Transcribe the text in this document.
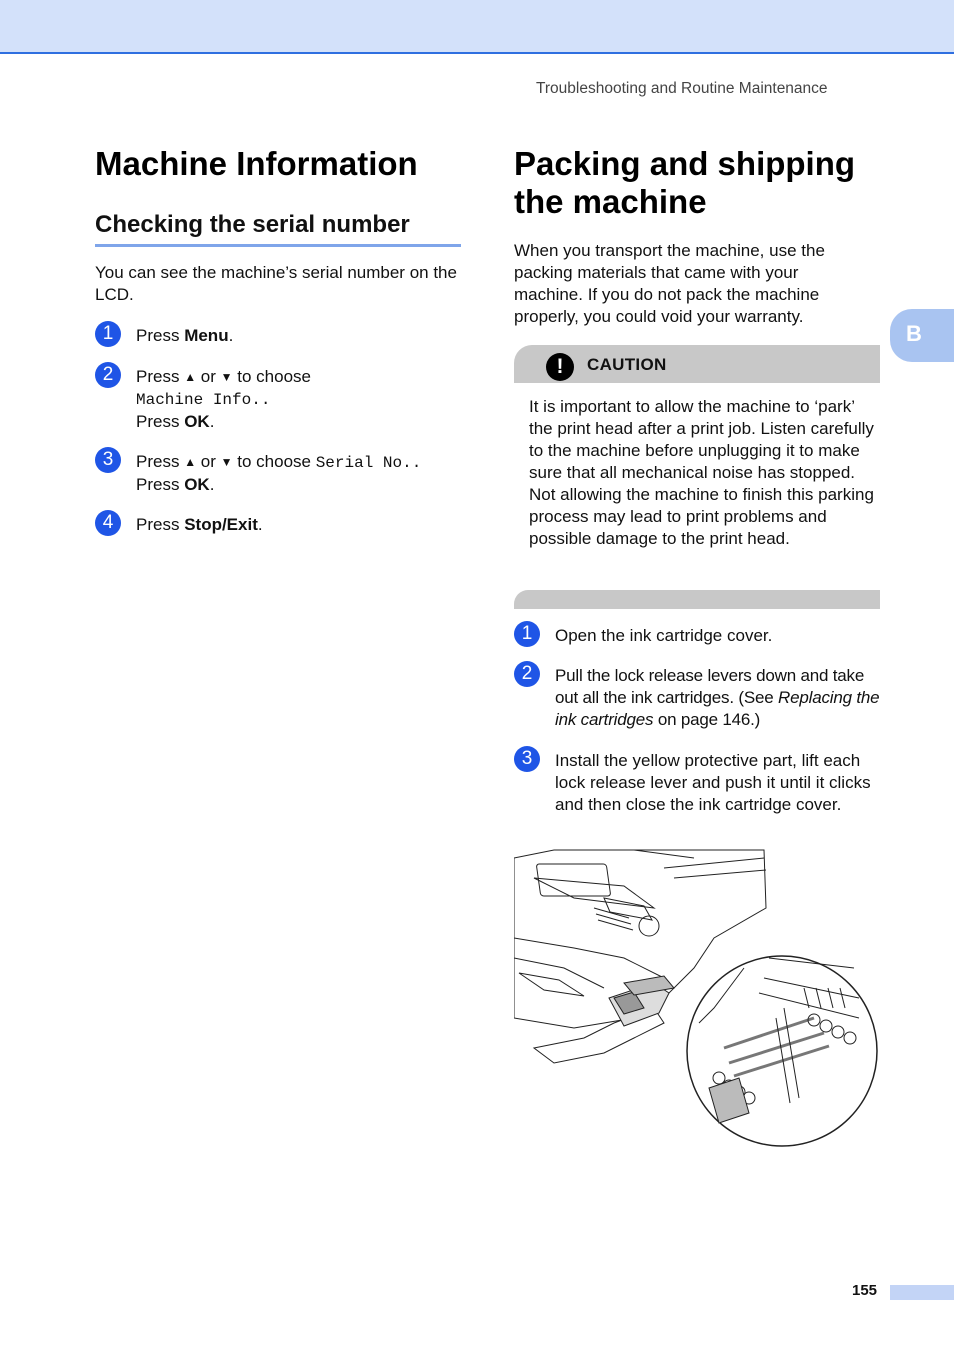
Troubleshooting and Routine Maintenance
Machine Information
Checking the serial number

You can see the machine’s serial number on the LCD.

1	Press Menu.
2	Press ▲ or ▼ to choose
Machine Info..
Press OK.
3	Press ▲ or ▼ to choose Serial No..
Press OK.
4	Press Stop/Exit.
Packing and shipping
the machine

When you transport the machine, use the packing materials that came with your machine. If you do not pack the machine properly, you could void your warranty.

!	CAUTION

It is important to allow the machine to ‘park’ the print head after a print job. Listen carefully to the machine before unplugging it to make sure that all mechanical noise has stopped. Not allowing the machine to finish this parking process may lead to print problems and possible damage to the print head.

1	Open the ink cartridge cover.
2	Pull the lock release levers down and take out all the ink cartridges. (See Replacing the ink cartridges on page 146.)
3	Install the yellow protective part, lift each lock release lever and push it until it clicks and then close the ink cartridge cover.
B
155
